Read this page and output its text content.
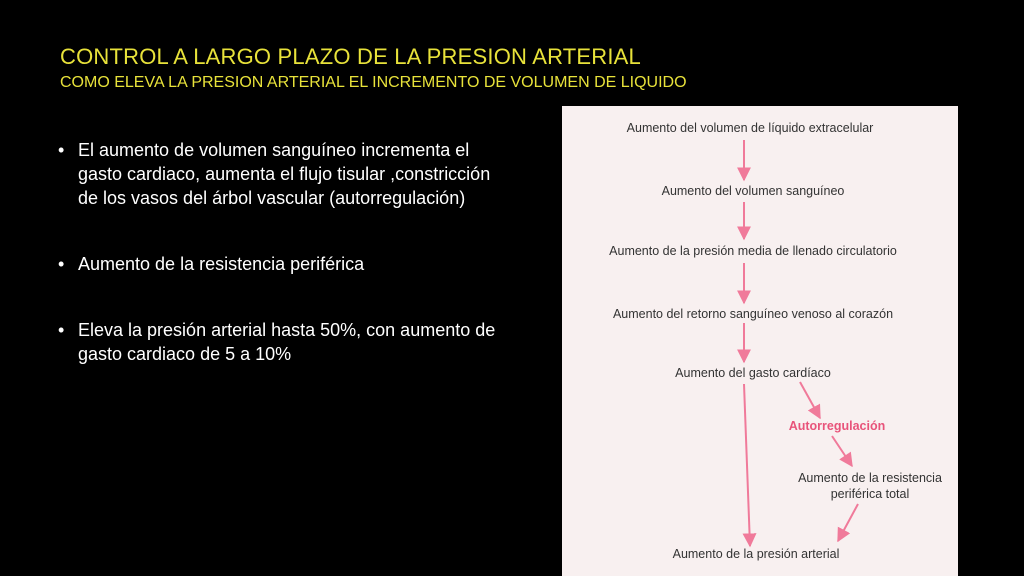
CONTROL A LARGO PLAZO DE LA PRESION ARTERIAL
COMO ELEVA LA PRESION ARTERIAL EL INCREMENTO DE VOLUMEN DE LIQUIDO
• El aumento de volumen sanguíneo incrementa el gasto cardiaco, aumenta el flujo tisular ,constricción de los vasos del árbol vascular (autorregulación)
• Aumento de la resistencia periférica
• Eleva la presión arterial hasta 50%, con aumento de gasto cardiaco de 5 a 10%
Aumento del volumen de líquido extracelular
Aumento del volumen sanguíneo
Aumento de la presión media de llenado circulatorio
Aumento del retorno sanguíneo venoso al corazón
Aumento del gasto cardíaco
Autorregulación
Aumento de la resistencia
periférica total
Aumento de la presión arterial
